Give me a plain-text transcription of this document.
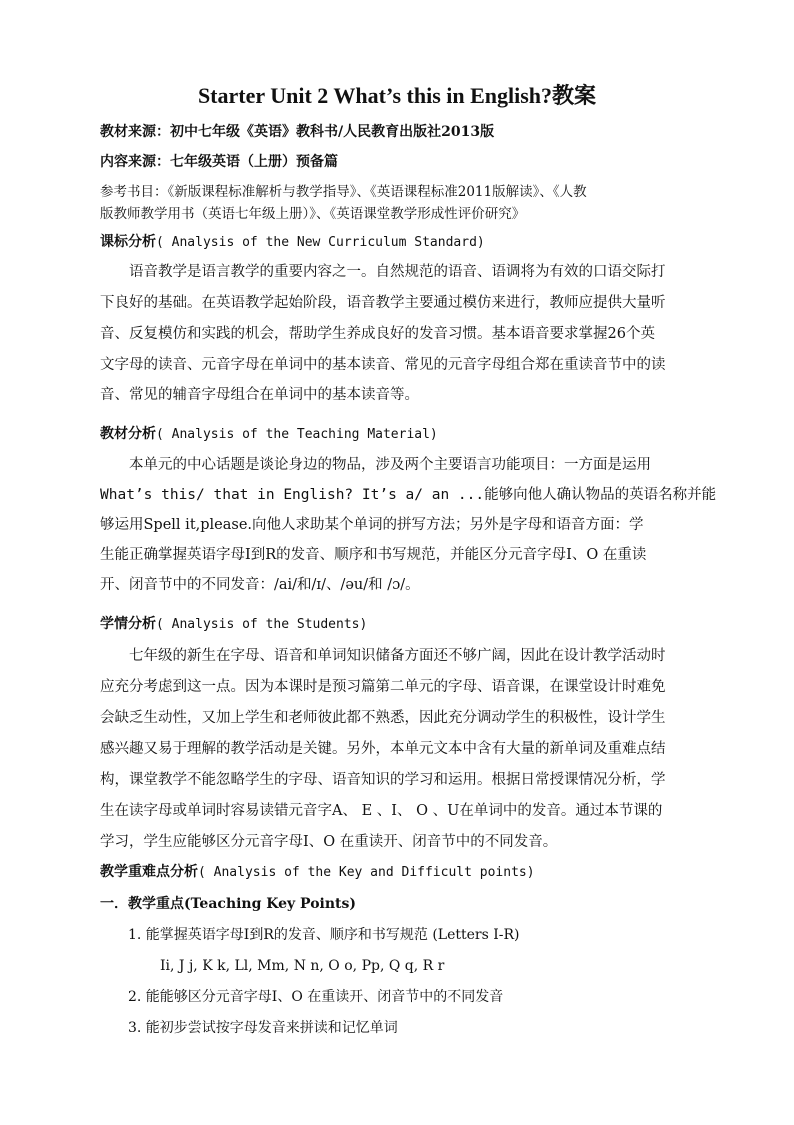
Starter Unit 2 What’s this in English?教案
教材来源：初中七年级《英语》教科书/人民教育出版社2013版
内容来源：七年级英语（上册）预备篇
参考书目：《新版课程标准解析与教学指导》、《英语课程标准2011版解读》、《人教
版教师教学用书（英语七年级上册）》、《英语课堂教学形成性评价研究》
课标分析( Analysis of the New Curriculum Standard)
　　语音教学是语言教学的重要内容之一。自然规范的语音、语调将为有效的口语交际打
下良好的基础。在英语教学起始阶段，语音教学主要通过模仿来进行，教师应提供大量听
音、反复模仿和实践的机会，帮助学生养成良好的发音习惯。基本语音要求掌握26个英
文字母的读音、元音字母在单词中的基本读音、常见的元音字母组合郑在重读音节中的读
音、常见的辅音字母组合在单词中的基本读音等。
教材分析( Analysis of the Teaching Material)
　　本单元的中心话题是谈论身边的物品，涉及两个主要语言功能项目：一方面是运用
What’s this/ that in English? It’s a/ an ...能够向他人确认物品的英语名称并能
够运用Spell it,please.向他人求助某个单词的拼写方法；另外是字母和语音方面：学
生能正确掌握英语字母I到R的发音、顺序和书写规范，并能区分元音字母I、O 在重读
开、闭音节中的不同发音：/ai/和/ɪ/、/əu/和 /ɔ/。
学情分析( Analysis of the Students)
　　七年级的新生在字母、语音和单词知识储备方面还不够广阔，因此在设计教学活动时
应充分考虑到这一点。因为本课时是预习篇第二单元的字母、语音课，在课堂设计时难免
会缺乏生动性，又加上学生和老师彼此都不熟悉，因此充分调动学生的积极性，设计学生
感兴趣又易于理解的教学活动是关键。另外，本单元文本中含有大量的新单词及重难点结
构，课堂教学不能忽略学生的字母、语音知识的学习和运用。根据日常授课情况分析，学
生在读字母或单词时容易读错元音字A、 E 、I、 O 、U在单词中的发音。通过本节课的
学习，学生应能够区分元音字母I、O 在重读开、闭音节中的不同发音。
教学重难点分析( Analysis of the Key and Difficult points)
一．教学重点(Teaching Key Points)
1. 能掌握英语字母I到R的发音、顺序和书写规范 (Letters I-R)
Ii, J j, K k, Ll, Mm, N n, O o, Pp, Q q, R r
2. 能能够区分元音字母I、O 在重读开、闭音节中的不同发音
3. 能初步尝试按字母发音来拼读和记忆单词
